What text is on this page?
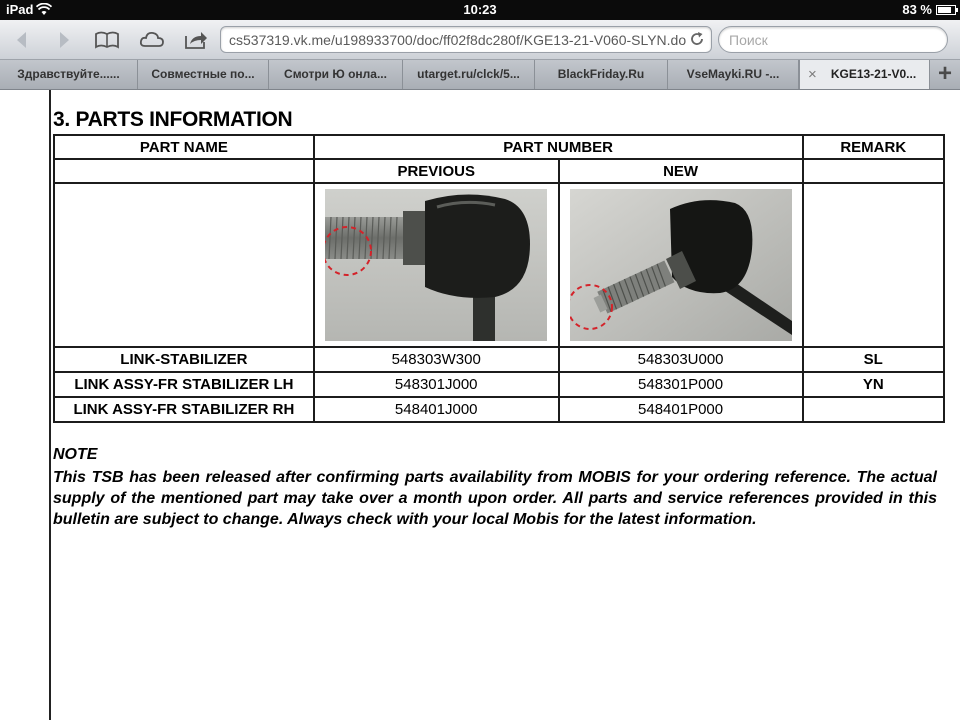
iPad	10:23	83 %
cs537319.vk.me/u198933700/doc/ff02f8dc280f/KGE13-21-V060-SLYN.do	Поиск
Здравствуйте......	Совместные по...	Смотри Ю онла...	utarget.ru/clck/5...	BlackFriday.Ru	VseMayki.RU -...	× KGE13-21-V0... +
3. PARTS INFORMATION
PART NAME	PART NUMBER		REMARK
	PREVIOUS	NEW	

LINK-STABILIZER	548303W300	548303U000	SL
LINK ASSY-FR STABILIZER LH	548301J000	548301P000	YN
LINK ASSY-FR STABILIZER RH	548401J000	548401P000	
NOTE
This TSB has been released after confirming parts availability from MOBIS for your ordering reference. The actual supply of the mentioned part may take over a month upon order. All parts and service references provided in this bulletin are subject to change. Always check with your local Mobis for the latest information.
